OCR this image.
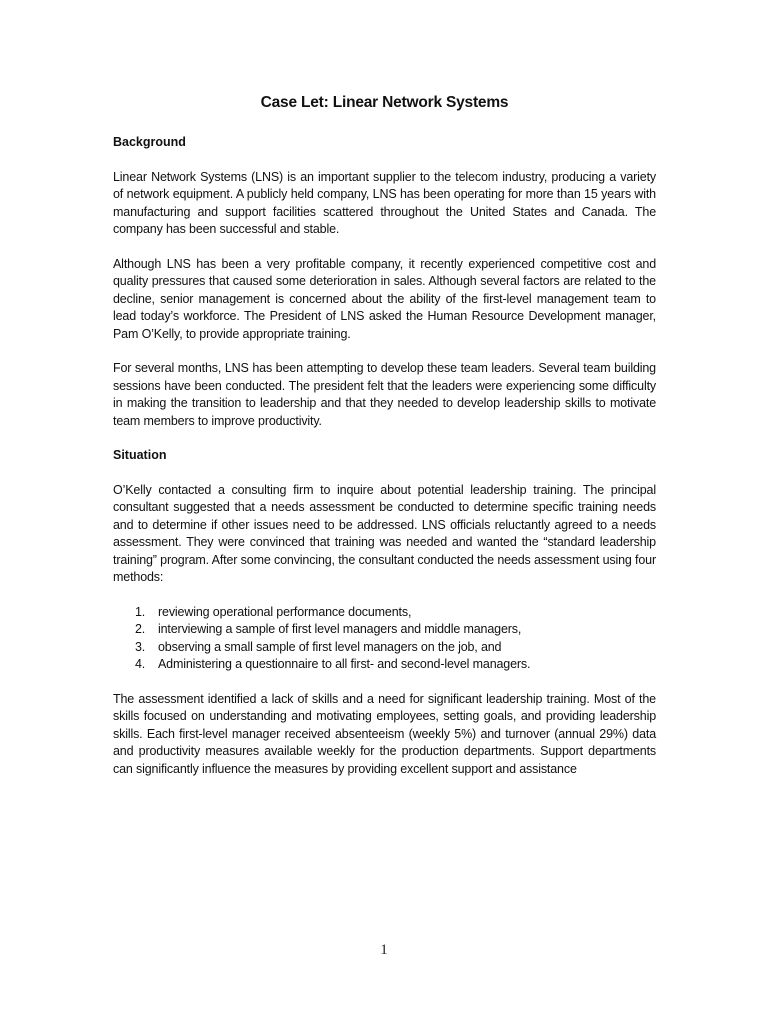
Case Let: Linear Network Systems
Background

Linear Network Systems (LNS) is an important supplier to the telecom industry, producing a variety of network equipment. A publicly held company, LNS has been operating for more than 15 years with manufacturing and support facilities scattered throughout the United States and Canada. The company has been successful and stable.

Although LNS has been a very profitable company, it recently experienced competitive cost and quality pressures that caused some deterioration in sales. Although several factors are related to the decline, senior management is concerned about the ability of the first-level management team to lead today’s workforce. The President of LNS asked the Human Resource Development manager, Pam O’Kelly, to provide appropriate training.

For several months, LNS has been attempting to develop these team leaders. Several team building sessions have been conducted. The president felt that the leaders were experiencing some difficulty in making the transition to leadership and that they needed to develop leadership skills to motivate team members to improve productivity.

Situation

O’Kelly contacted a consulting firm to inquire about potential leadership training. The principal consultant suggested that a needs assessment be conducted to determine specific training needs and to determine if other issues need to be addressed. LNS officials reluctantly agreed to a needs assessment. They were convinced that training was needed and wanted the “standard leadership training” program. After some convincing, the consultant conducted the needs assessment using four methods:

1.	reviewing operational performance documents,
2.	interviewing a sample of first level managers and middle managers,
3.	observing a small sample of first level managers on the job, and
4.	Administering a questionnaire to all first- and second-level managers.

The assessment identified a lack of skills and a need for significant leadership training. Most of the skills focused on understanding and motivating employees, setting goals, and providing leadership skills. Each first-level manager received absenteeism (weekly 5%) and turnover (annual 29%) data and productivity measures available weekly for the production departments. Support departments can significantly influence the measures by providing excellent support and assistance

1
